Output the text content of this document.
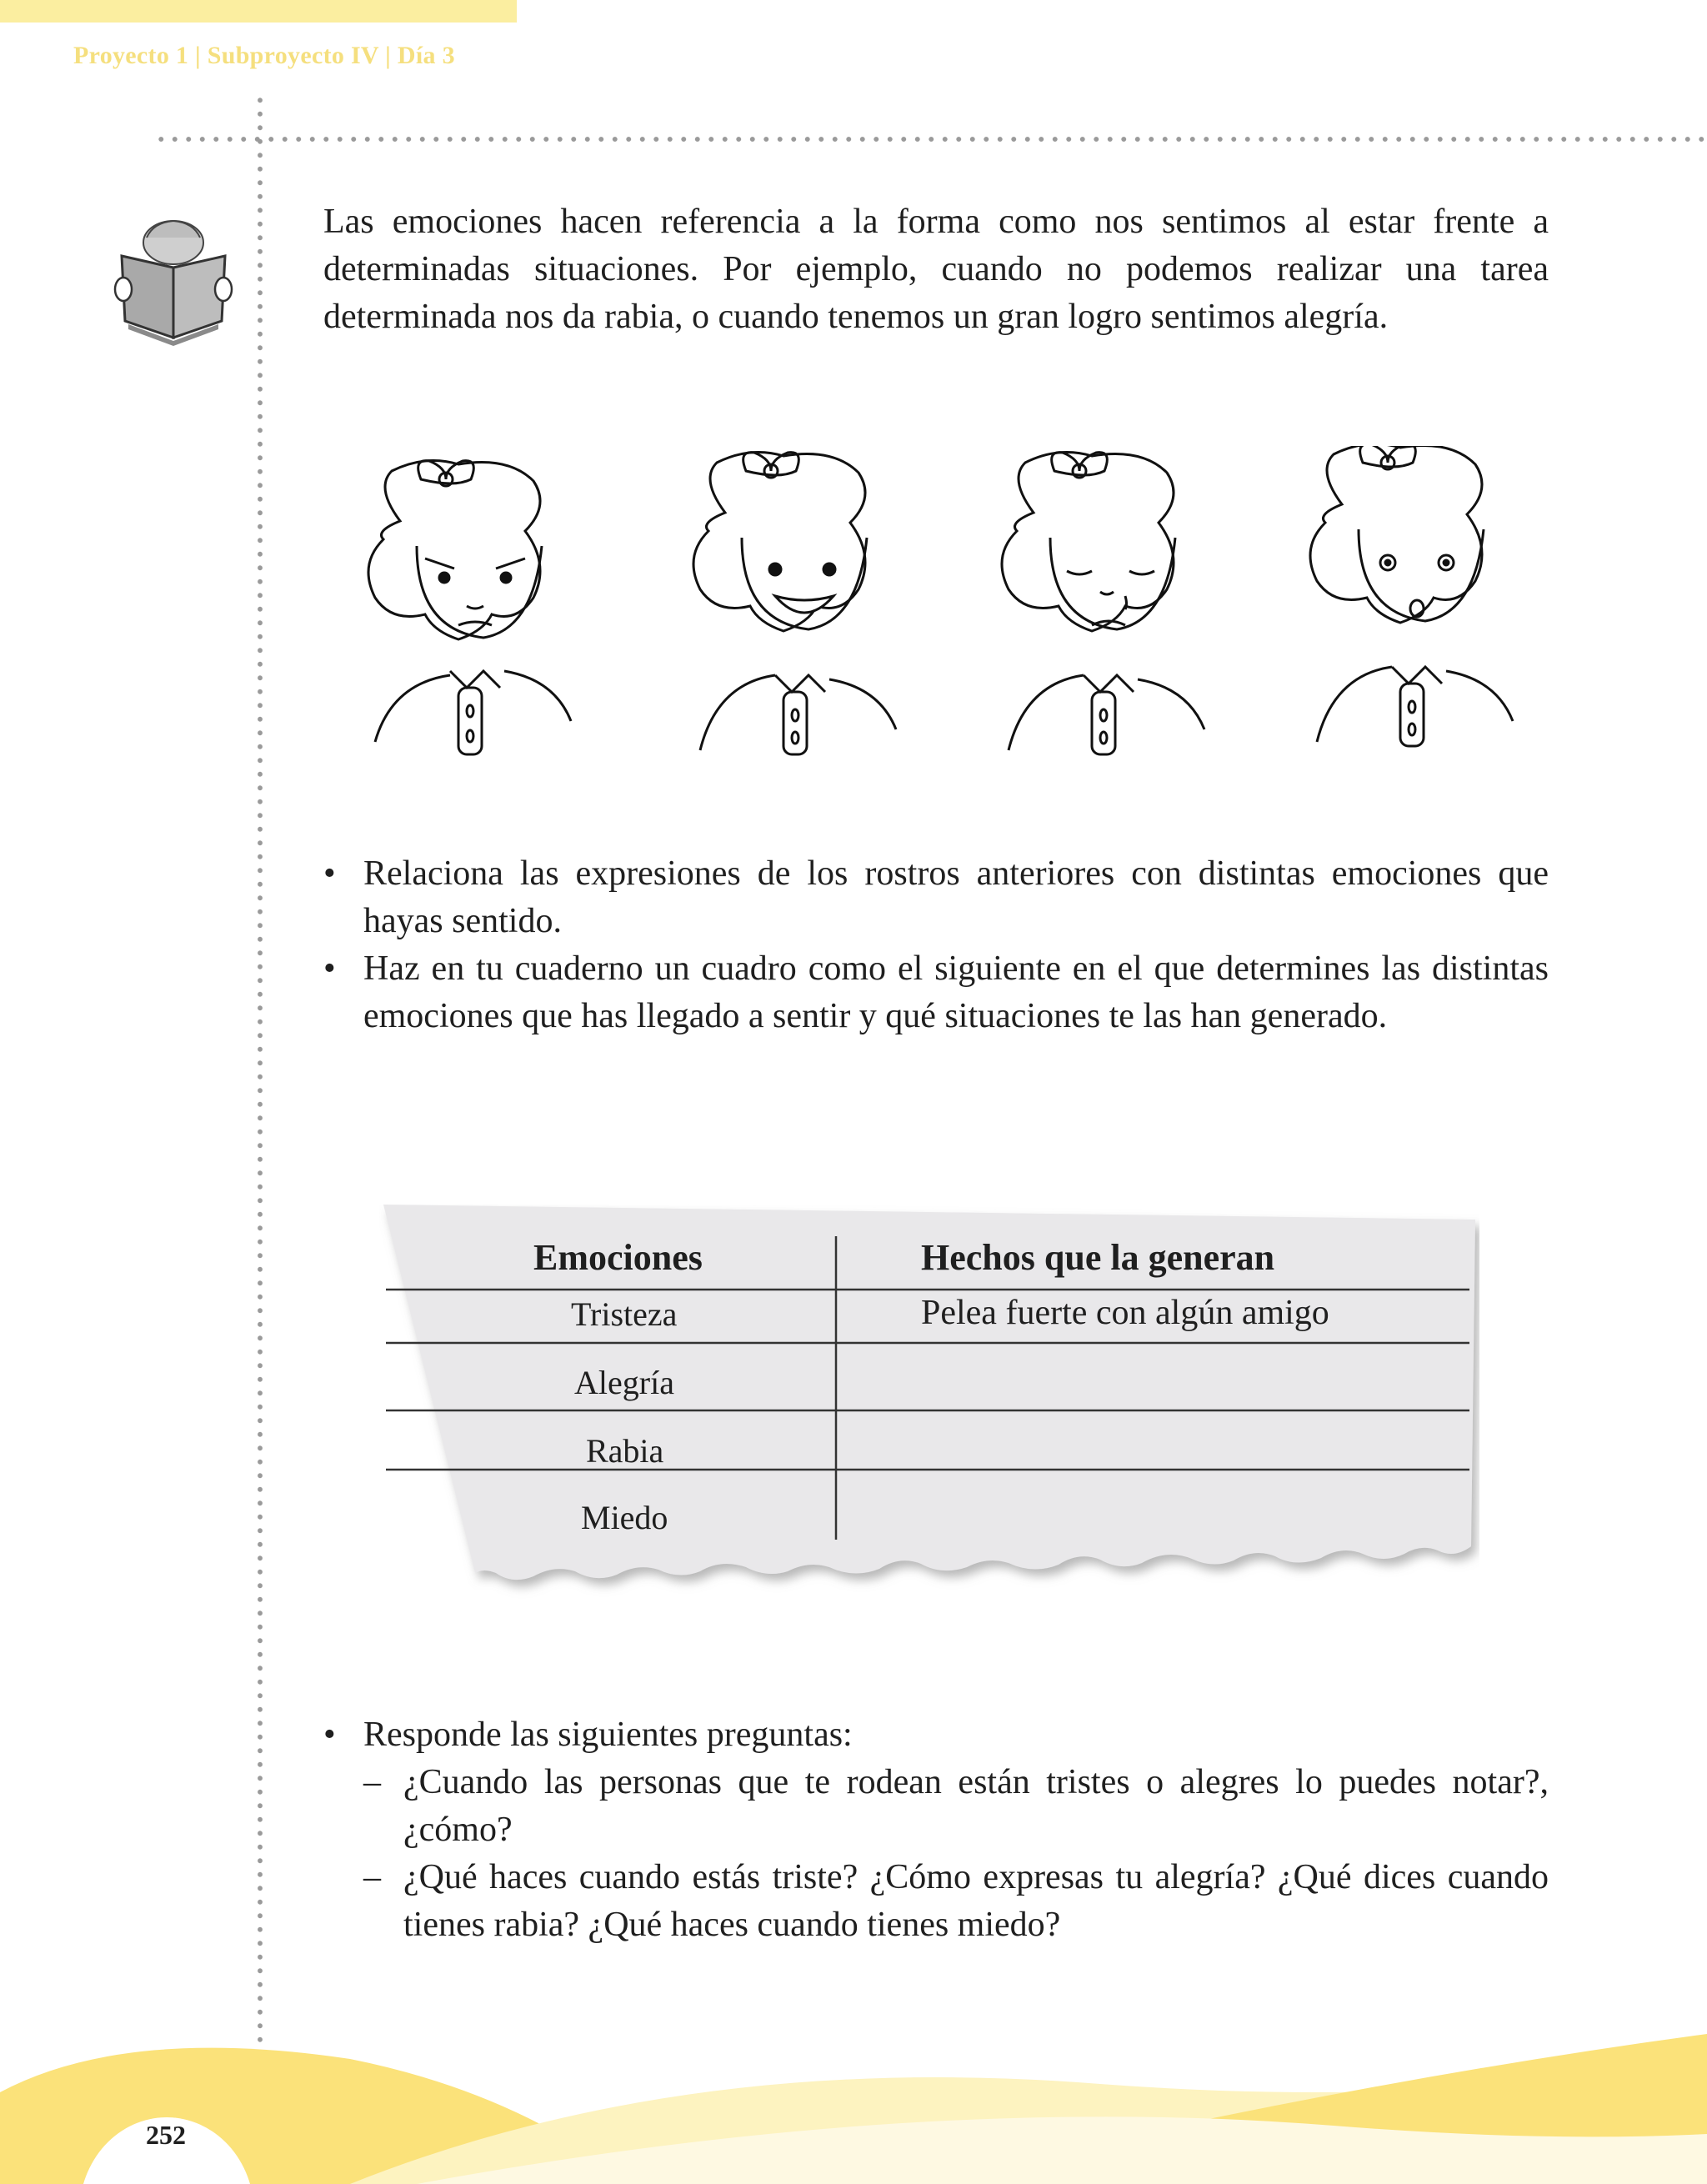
Proyecto 1 | Subproyecto IV | Día 3

Las emociones hacen referencia a la forma como nos sentimos al estar frente a determinadas situaciones. Por ejemplo, cuando no podemos realizar una tarea determinada nos da rabia, o cuando tenemos un gran logro sentimos alegría.

• Relaciona las expresiones de los rostros anteriores con distintas emociones que hayas sentido.
• Haz en tu cuaderno un cuadro como el siguiente en el que determines las distintas emociones que has llegado a sentir y qué situaciones te las han generado.
Emociones	Hechos que la generan
Tristeza	Pelea fuerte con algún amigo
Alegría
Rabia
Miedo
• Responde las siguientes preguntas:
– ¿Cuando las personas que te rodean están tristes o alegres lo puedes notar?, ¿cómo?
– ¿Qué haces cuando estás triste? ¿Cómo expresas tu alegría? ¿Qué dices cuando tienes rabia? ¿Qué haces cuando tienes miedo?
252
